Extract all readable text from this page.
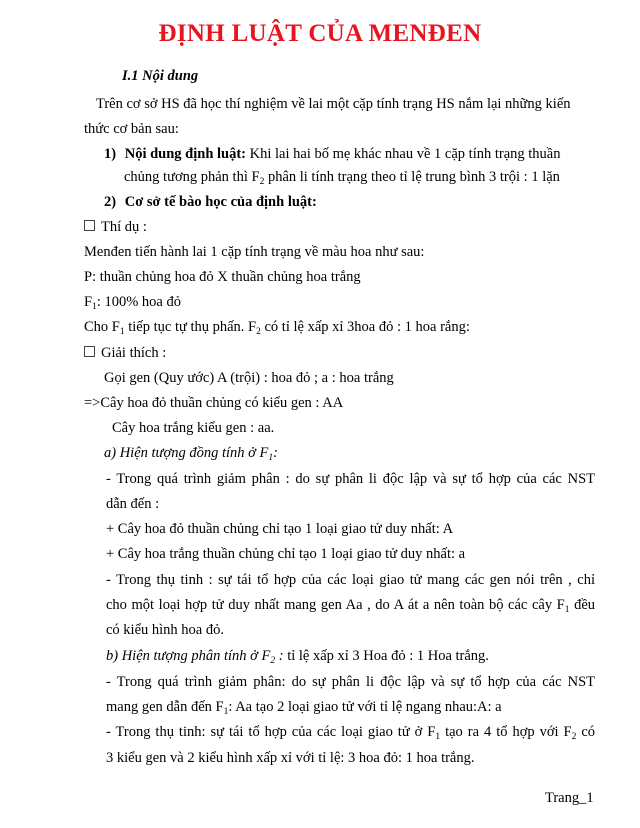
ĐỊNH LUẬT CỦA MENĐEN
I.1 Nội dung
Trên cơ sở HS đã học thí nghiệm về lai một cặp tính trạng HS nắm lại những kiến
thức cơ bản sau:
1) Nội dung định luật: Khi lai hai bố mẹ khác nhau về 1 cặp tính trạng thuần
chủng tương phản thì $F_2$ phân li tính trạng theo tỉ lệ trung bình 3 trội : 1 lặn
2) Cơ sở tế bào học của định luật:
Thí dụ :
Menđen tiến hành lai 1 cặp tính trạng về màu hoa như sau:
P: thuần chủng hoa đỏ X thuần chủng hoa trắng
$F_1$: 100% hoa đỏ
Cho $F_1$ tiếp tục tự thụ phấn. $F_2$ có tỉ lệ xấp xỉ 3hoa đỏ : 1 hoa rắng:
Giải thích :
Gọi gen (Quy ước) A (trội) : hoa đỏ ; a : hoa trắng
=>Cây hoa đỏ thuần chủng có kiểu gen : AA
Cây hoa trắng kiểu gen : aa.
a) Hiện tượng đồng tính ở $F_1$:
- Trong quá trình giảm phân : do sự phân li độc lập và sự tổ hợp của các NST
dẫn đến :
+ Cây hoa đỏ thuần chủng chỉ tạo 1 loại giao tử duy nhất: A
+ Cây hoa trắng thuần chủng chỉ tạo 1 loại giao tử duy nhất: a
- Trong thụ tinh : sự tái tổ hợp của các loại giao tử mang các gen nói trên , chỉ
cho một loại hợp tử duy nhất mang gen Aa , do A át a nên toàn bộ các cây $F_1$ đều
có kiểu hình hoa đỏ.
b) Hiện tượng phân tính ở $F_2$ : tỉ lệ xấp xỉ 3 Hoa đỏ : 1 Hoa trắng.
- Trong quá trình giảm phân: do sự phân li độc lập và sự tổ hợp của các NST
mang gen dẫn đến $F_1$: Aa tạo 2 loại giao tử với tỉ lệ ngang nhau:A: a
- Trong thụ tinh: sự tái tổ hợp của các loại giao tử ở $F_1$ tạo ra 4 tổ hợp với $F_2$ có
3 kiểu gen và 2 kiểu hình xấp xỉ với tỉ lệ: 3 hoa đỏ: 1 hoa trắng.
Trang_1
